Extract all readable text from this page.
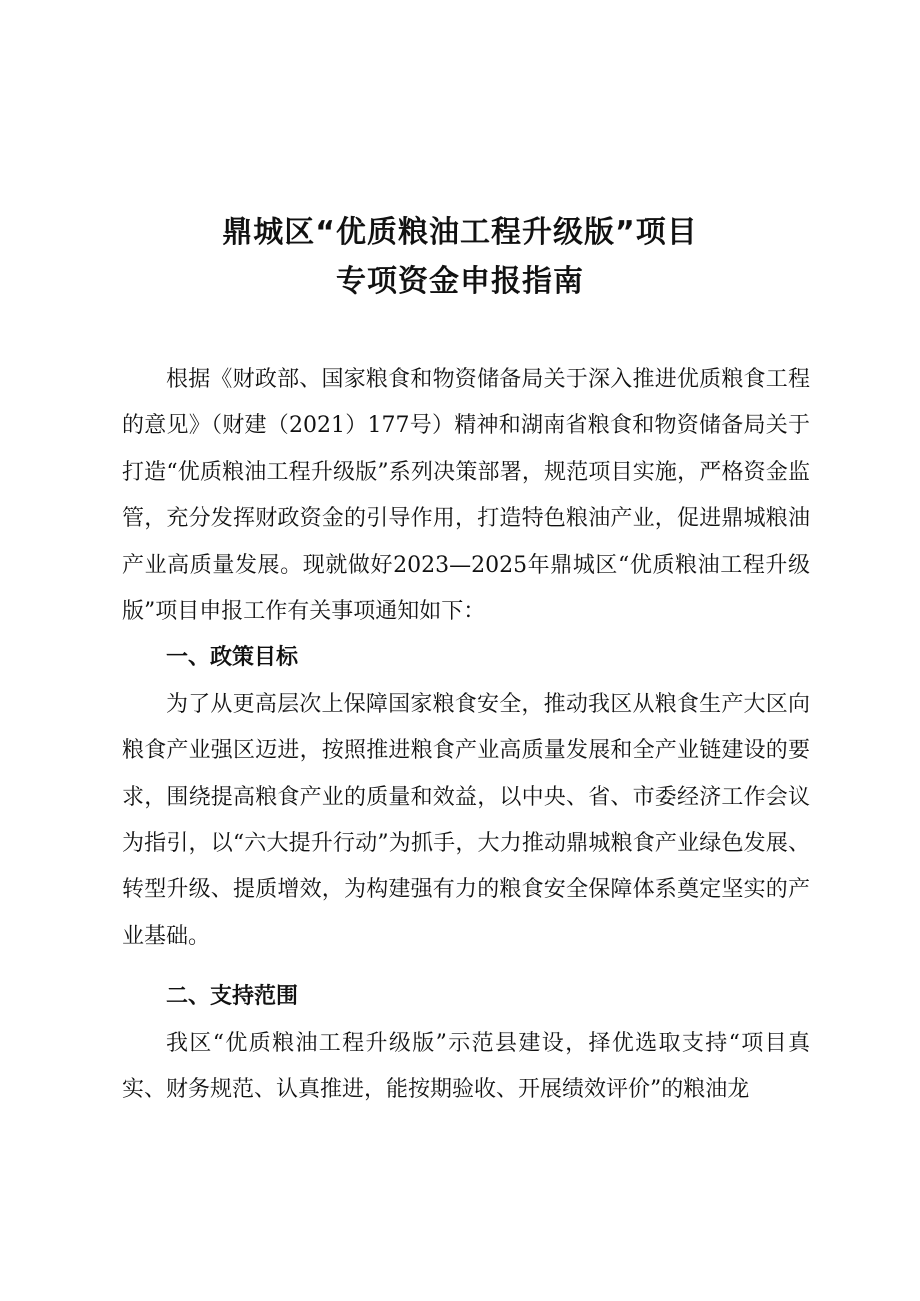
鼎城区“优质粮油工程升级版”项目
专项资金申报指南

根据《财政部、国家粮食和物资储备局关于深入推进优质粮食工程的意见》（财建（2021）177号）精神和湖南省粮食和物资储备局关于打造“优质粮油工程升级版”系列决策部署，规范项目实施，严格资金监管，充分发挥财政资金的引导作用，打造特色粮油产业，促进鼎城粮油产业高质量发展。现就做好2023—2025年鼎城区“优质粮油工程升级版”项目申报工作有关事项通知如下：

一、政策目标

为了从更高层次上保障国家粮食安全，推动我区从粮食生产大区向粮食产业强区迈进，按照推进粮食产业高质量发展和全产业链建设的要求，围绕提高粮食产业的质量和效益，以中央、省、市委经济工作会议为指引，以“六大提升行动”为抓手，大力推动鼎城粮食产业绿色发展、转型升级、提质增效，为构建强有力的粮食安全保障体系奠定坚实的产业基础。

二、支持范围

我区“优质粮油工程升级版”示范县建设，择优选取支持“项目真实、财务规范、认真推进，能按期验收、开展绩效评价”的粮油龙
